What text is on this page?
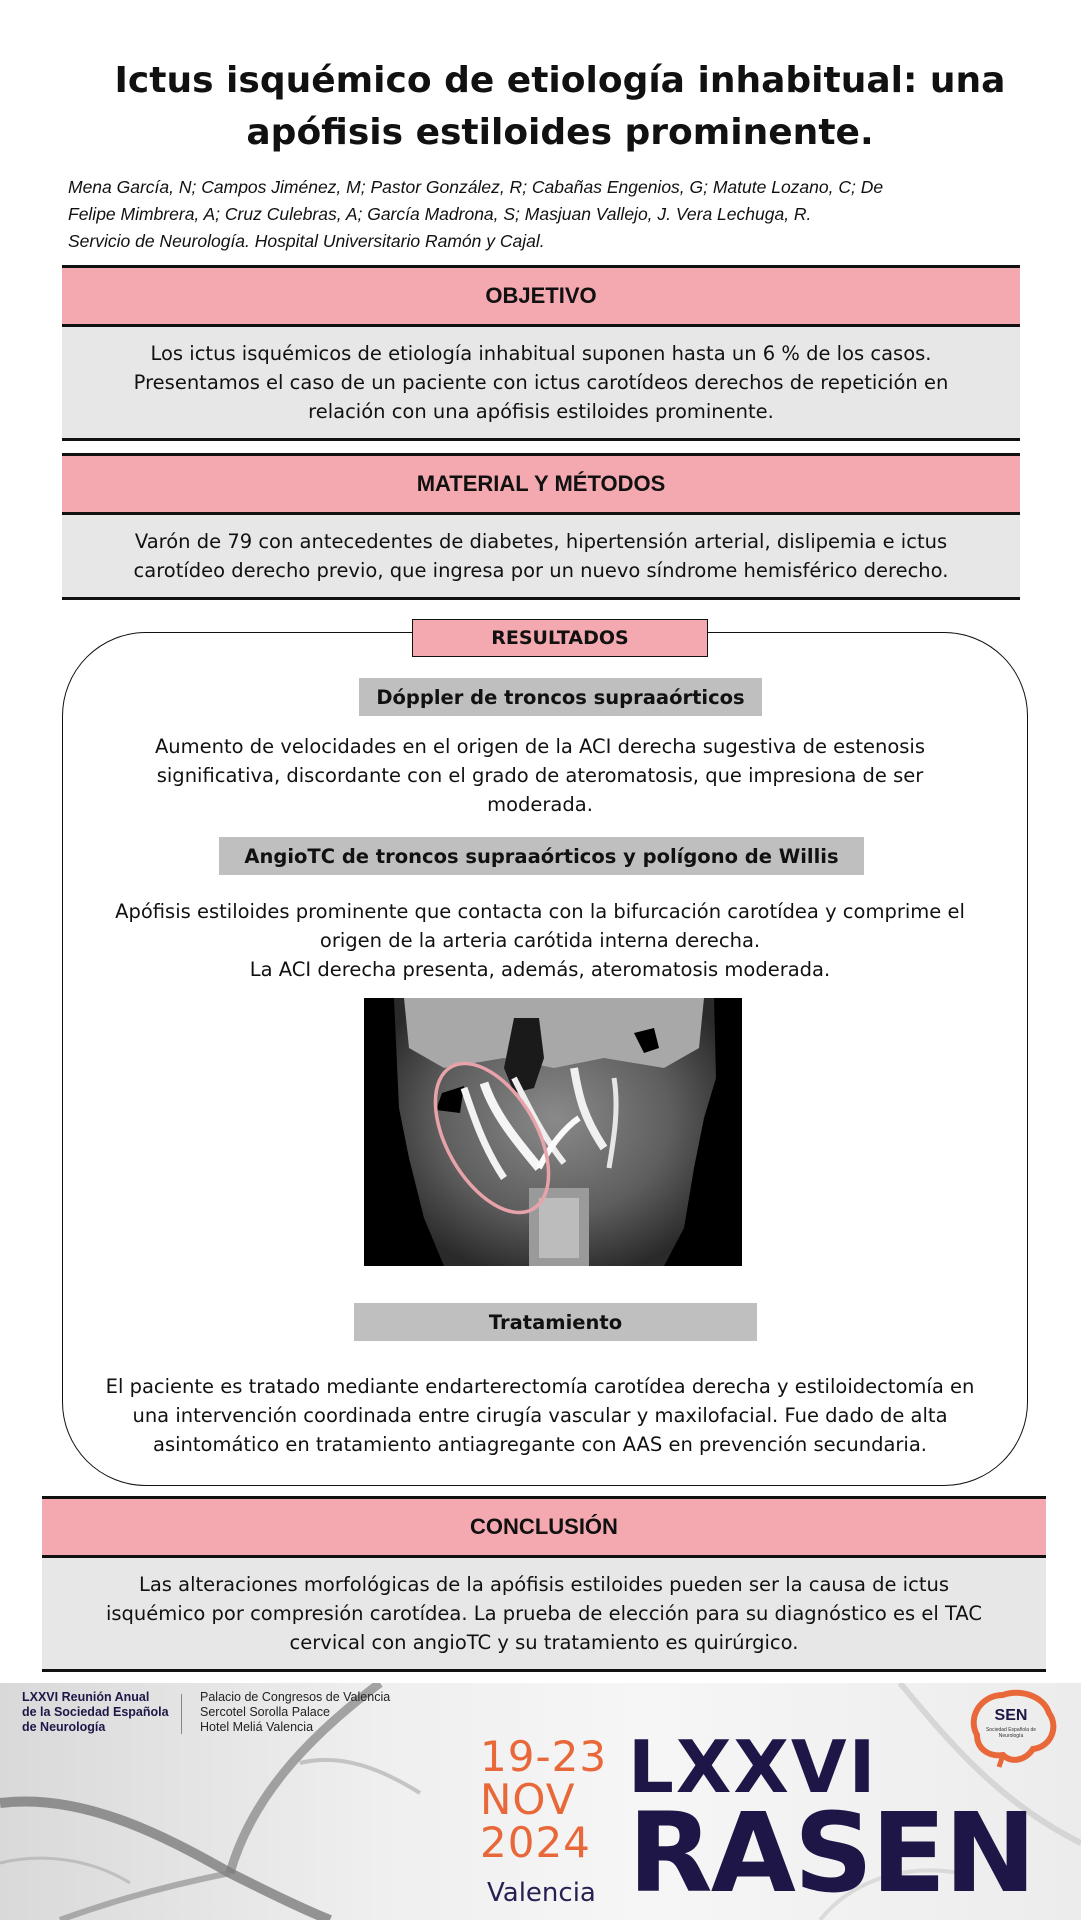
Ictus isquémico de etiología inhabitual: una
apófisis estiloides prominente.
Mena García, N; Campos Jiménez, M; Pastor González, R; Cabañas Engenios, G; Matute Lozano, C; De
Felipe Mimbrera, A; Cruz Culebras, A; García Madrona, S; Masjuan Vallejo, J. Vera Lechuga, R.
Servicio de Neurología. Hospital Universitario Ramón y Cajal.
OBJETIVO
Los ictus isquémicos de etiología inhabitual suponen hasta un 6 % de los casos.
Presentamos el caso de un paciente con ictus carotídeos derechos de repetición en
relación con una apófisis estiloides prominente.
MATERIAL Y MÉTODOS
Varón de 79 con antecedentes de diabetes, hipertensión arterial, dislipemia e ictus
carotídeo derecho previo, que ingresa por un nuevo síndrome hemisférico derecho.
RESULTADOS
Dóppler de troncos supraaórticos
Aumento de velocidades en el origen de la ACI derecha sugestiva de estenosis
significativa, discordante con el grado de ateromatosis, que impresiona de ser
moderada.
AngioTC de troncos supraaórticos y polígono de Willis
Apófisis estiloides prominente que contacta con la bifurcación carotídea y comprime el
origen de la arteria carótida interna derecha.
La ACI derecha presenta, además, ateromatosis moderada.
Tratamiento
El paciente es tratado mediante endarterectomía carotídea derecha y estiloidectomía en
una intervención coordinada entre cirugía vascular y maxilofacial. Fue dado de alta
asintomático en tratamiento antiagregante con AAS en prevención secundaria.
CONCLUSIÓN
Las alteraciones morfológicas de la apófisis estiloides pueden ser la causa de ictus
isquémico por compresión carotídea. La prueba de elección para su diagnóstico es el TAC
cervical con angioTC y su tratamiento es quirúrgico.
LXXVI Reunión Anual
de la Sociedad Española
de Neurología
Palacio de Congresos de Valencia
Sercotel Sorolla Palace
Hotel Meliá Valencia
19-23
NOV
2024
Valencia
LXXVI
RASEN
SEN
Sociedad Española de Neurología
